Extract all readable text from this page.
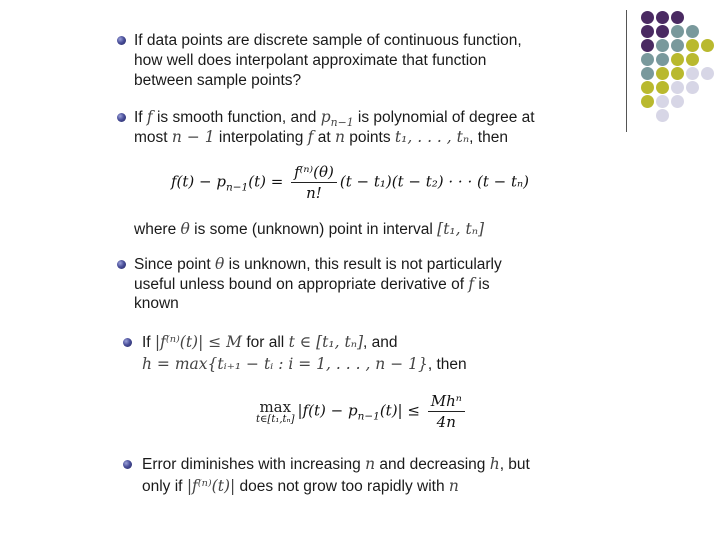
If data points are discrete sample of continuous function,
how well does interpolant approximate that function
between sample points?
If f is smooth function, and $p_{n-1}$ is polynomial of degree at
most n − 1 interpolating f at n points t₁, . . . , tₙ, then
$f(t) - p_{n-1}(t) = \frac{\text{f⁽ⁿ⁾(θ)}}{n!} (t - t_1)(t - t_2)$ · · · (t − tₙ)
where θ is some (unknown) point in interval [t₁, tₙ]
Since point θ is unknown, this result is not particularly
useful unless bound on appropriate derivative of f is
known
If |f⁽ⁿ⁾(t)| ≤ M for all t ∈ [t₁, tₙ], and
h = max{tᵢ₊₁ − tᵢ : i = 1, . . . , n − 1}, then
max
t∈[t₁,tₙ] $|f(t) - p_{n-1}(t)| \le \frac{\text{Mhⁿ}}{4n}$
Error diminishes with increasing n and decreasing h, but
only if |f⁽ⁿ⁾(t)| does not grow too rapidly with n
